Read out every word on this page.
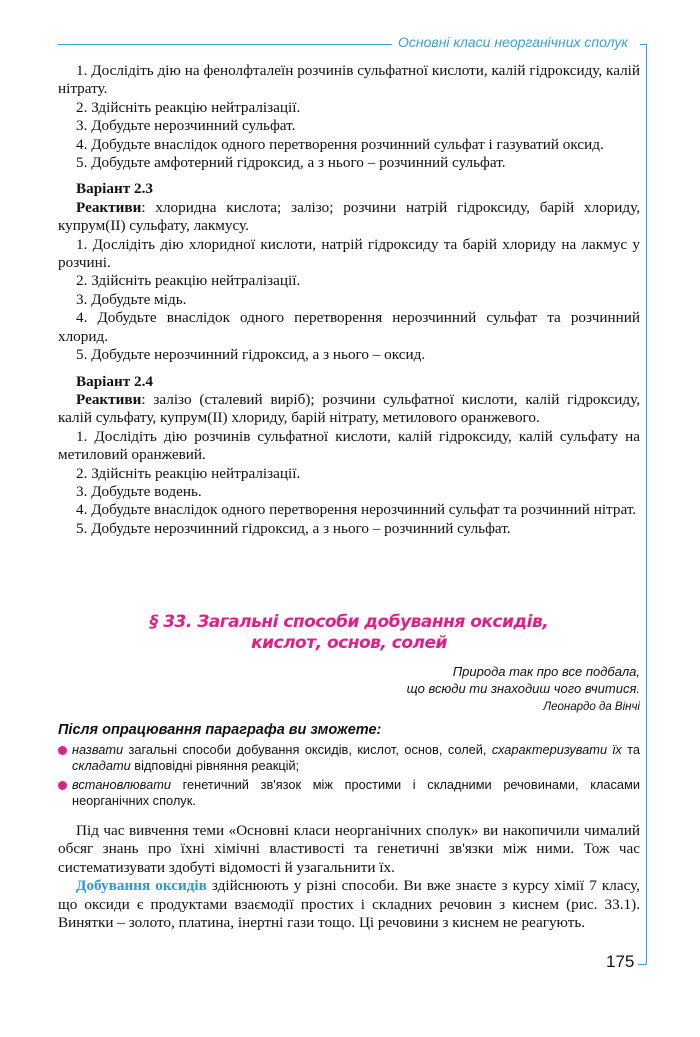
Основні класи неорганічних сполук
175

1. Дослідіть дію на фенолфталеїн розчинів сульфатної кислоти, калій гідроксиду, калій нітрату.

2. Здійсніть реакцію нейтралізації.

3. Добудьте нерозчинний сульфат.

4. Добудьте внаслідок одного перетворення розчинний сульфат і газуватий оксид.

5. Добудьте амфотерний гідроксид, а з нього – розчинний сульфат.

Варіант 2.3

Реактиви: хлоридна кислота; залізо; розчини натрій гідроксиду, барій хлориду, купрум(II) сульфату, лакмусу.

1. Дослідіть дію хлоридної кислоти, натрій гідроксиду та барій хлориду на лакмус у розчині.

2. Здійсніть реакцію нейтралізації.

3. Добудьте мідь.

4. Добудьте внаслідок одного перетворення нерозчинний сульфат та розчинний хлорид.

5. Добудьте нерозчинний гідроксид, а з нього – оксид.

Варіант 2.4

Реактиви: залізо (сталевий виріб); розчини сульфатної кислоти, калій гідроксиду, калій сульфату, купрум(II) хлориду, барій нітрату, метилового оранжевого.

1. Дослідіть дію розчинів сульфатної кислоти, калій гідроксиду, калій сульфату на метиловий оранжевий.

2. Здійсніть реакцію нейтралізації.

3. Добудьте водень.

4. Добудьте внаслідок одного перетворення нерозчинний сульфат та розчинний нітрат.

5. Добудьте нерозчинний гідроксид, а з нього – розчинний сульфат.

§ 33. Загальні способи добування оксидів,
кислот, основ, солей
Природа так про все подбала,
що всюди ти знаходиш чого вчитися.
Леонардо да Вінчі
Після опрацювання параграфа ви зможете:

назвати загальні способи добування оксидів, кислот, основ, солей, схарактеризувати їх та складати відповідні рівняння реакцій;

встановлювати генетичний зв'язок між простими і складними речовинами, класами неорганічних сполук.

Під час вивчення теми «Основні класи неорганічних сполук» ви накопичили чималий обсяг знань про їхні хімічні властивості та генетичні зв'язки між ними. Тож час систематизувати здобуті відомості й узагальнити їх.

Добування оксидів здійснюють у різні способи. Ви вже знаєте з курсу хімії 7 класу, що оксиди є продуктами взаємодії простих і складних речовин з киснем (рис. 33.1). Винятки – золото, платина, інертні гази тощо. Ці речовини з киснем не реагують.
